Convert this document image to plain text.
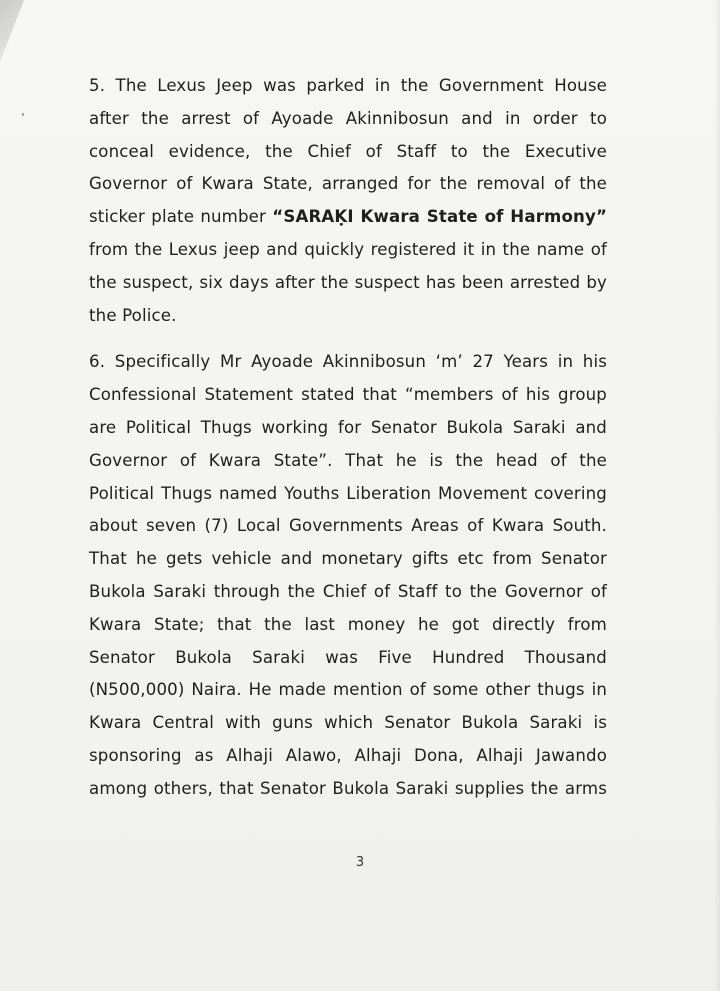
5. The Lexus Jeep was parked in the Government House
after the arrest of Ayoade Akinnibosun and in order to
conceal evidence, the Chief of Staff to the Executive
Governor of Kwara State, arranged for the removal of the
sticker plate number “SARAḲI Kwara State of Harmony”
from the Lexus jeep and quickly registered it in the name of
the suspect, six days after the suspect has been arrested by
the Police.
6. Specifically Mr Ayoade Akinnibosun ‘m’ 27 Years in his
Confessional Statement stated that “members of his group
are Political Thugs working for Senator Bukola Saraki and
Governor of Kwara State”. That he is the head of the
Political Thugs named Youths Liberation Movement covering
about seven (7) Local Governments Areas of Kwara South.
That he gets vehicle and monetary gifts etc from Senator
Bukola Saraki through the Chief of Staff to the Governor of
Kwara State; that the last money he got directly from
Senator Bukola Saraki was Five Hundred Thousand
(N500,000) Naira. He made mention of some other thugs in
Kwara Central with guns which Senator Bukola Saraki is
sponsoring as Alhaji Alawo, Alhaji Dona, Alhaji Jawando
among others, that Senator Bukola Saraki supplies the arms
3
